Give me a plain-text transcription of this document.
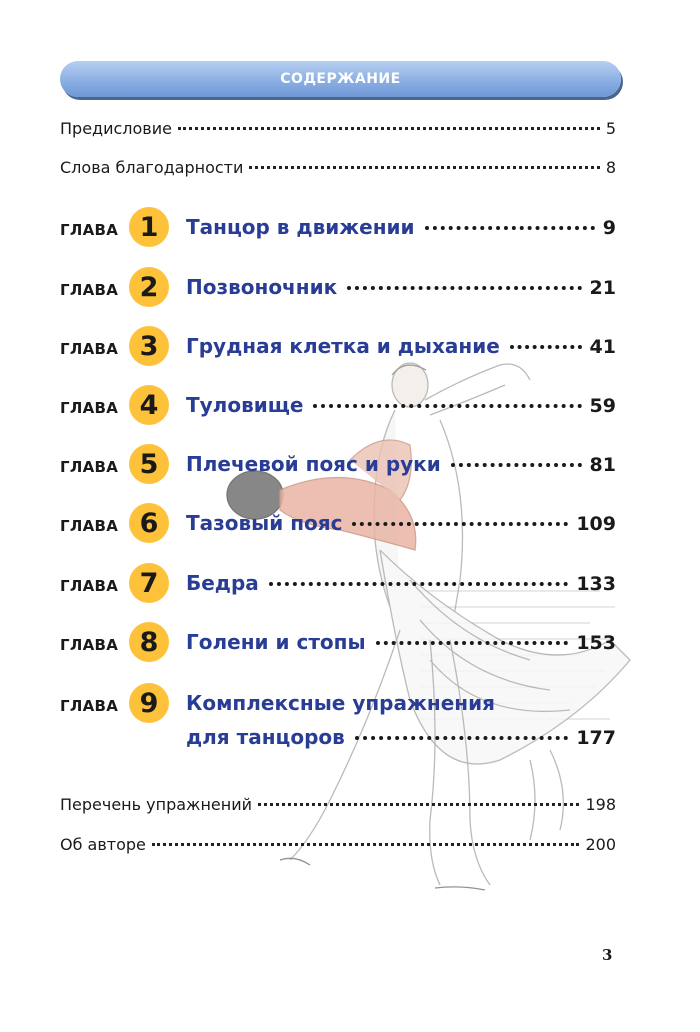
СОДЕРЖАНИЕ
Предисловие	5
Слова благодарности	8
ГЛАВА 1	Танцор в движении	9
ГЛАВА 2	Позвоночник	21
ГЛАВА 3	Грудная клетка и дыхание	41
ГЛАВА 4	Туловище	59
ГЛАВА 5	Плечевой пояс и руки	81
ГЛАВА 6	Тазовый пояс	109
ГЛАВА 7	Бедра	133
ГЛАВА 8	Голени и стопы	153
ГЛАВА 9	Комплексные упражнения
для танцоров	177
Перечень упражнений	198
Об авторе	200
3
